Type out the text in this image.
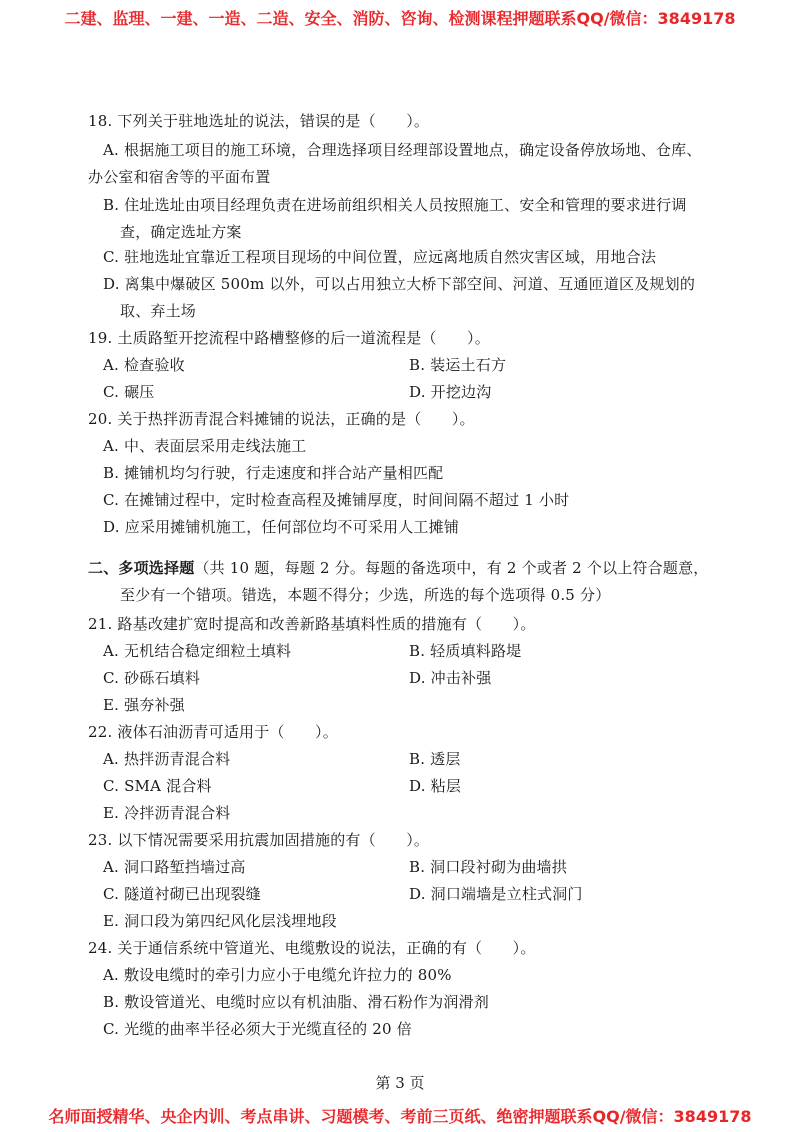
二建、监理、一建、一造、二造、安全、消防、咨询、检测课程押题联系QQ/微信：3849178
18. 下列关于驻地选址的说法，错误的是（　　）。
A. 根据施工项目的施工环境，合理选择项目经理部设置地点，确定设备停放场地、仓库、
办公室和宿舍等的平面布置
B. 住址选址由项目经理负责在进场前组织相关人员按照施工、安全和管理的要求进行调
查，确定选址方案
C. 驻地选址宜靠近工程项目现场的中间位置，应远离地质自然灾害区域，用地合法
D. 离集中爆破区 500m 以外，可以占用独立大桥下部空间、河道、互通匝道区及规划的
取、弃土场
19. 土质路堑开挖流程中路槽整修的后一道流程是（　　）。
A. 检查验收	B. 装运土石方
C. 碾压	D. 开挖边沟
20. 关于热拌沥青混合料摊铺的说法，正确的是（　　）。
A. 中、表面层采用走线法施工
B. 摊铺机均匀行驶，行走速度和拌合站产量相匹配
C. 在摊铺过程中，定时检查高程及摊铺厚度，时间间隔不超过 1 小时
D. 应采用摊铺机施工，任何部位均不可采用人工摊铺
二、多项选择题（共 10 题，每题 2 分。每题的备选项中，有 2 个或者 2 个以上符合题意，
至少有一个错项。错选，本题不得分；少选，所选的每个选项得 0.5 分）
21. 路基改建扩宽时提高和改善新路基填料性质的措施有（　　）。
A. 无机结合稳定细粒土填料	B. 轻质填料路堤
C. 砂砾石填料	D. 冲击补强
E. 强夯补强
22. 液体石油沥青可适用于（　　）。
A. 热拌沥青混合料	B. 透层
C. SMA 混合料	D. 粘层
E. 冷拌沥青混合料
23. 以下情况需要采用抗震加固措施的有（　　）。
A. 洞口路堑挡墙过高	B. 洞口段衬砌为曲墙拱
C. 隧道衬砌已出现裂缝	D. 洞口端墙是立柱式洞门
E. 洞口段为第四纪风化层浅埋地段
24. 关于通信系统中管道光、电缆敷设的说法，正确的有（　　）。
A. 敷设电缆时的牵引力应小于电缆允许拉力的 80%
B. 敷设管道光、电缆时应以有机油脂、滑石粉作为润滑剂
C. 光缆的曲率半径必须大于光缆直径的 20 倍
第 3 页
名师面授精华、央企内训、考点串讲、习题模考、考前三页纸、绝密押题联系QQ/微信：3849178
